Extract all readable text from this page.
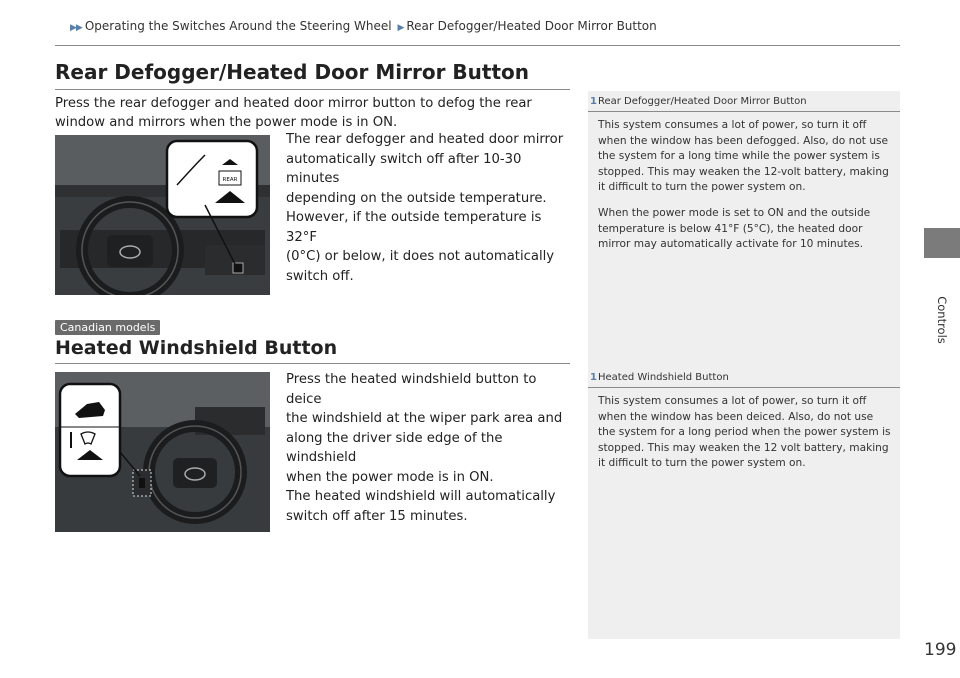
▶▶ Operating the Switches Around the Steering Wheel ▶ Rear Defogger/Heated Door Mirror Button
Rear Defogger/Heated Door Mirror Button
Press the rear defogger and heated door mirror button to defog the rear window and mirrors when the power mode is in ON.
REAR
The rear defogger and heated door mirror
automatically switch off after 10-30 minutes
depending on the outside temperature.
However, if the outside temperature is 32°F
(0°C) or below, it does not automatically
switch off.
Canadian models
Heated Windshield Button
Press the heated windshield button to deice
the windshield at the wiper park area and
along the driver side edge of the windshield
when the power mode is in ON.
The heated windshield will automatically
switch off after 15 minutes.
1Rear Defogger/Heated Door Mirror Button

This system consumes a lot of power, so turn it off when the window has been defogged. Also, do not use the system for a long time while the power system is stopped. This may weaken the 12-volt battery, making it difficult to turn the power system on.

When the power mode is set to ON and the outside temperature is below 41°F (5°C), the heated door mirror may automatically activate for 10 minutes.

1Heated Windshield Button

This system consumes a lot of power, so turn it off when the window has been deiced. Also, do not use the system for a long period when the power system is stopped. This may weaken the 12 volt battery, making it difficult to turn the power system on.

Controls
199
